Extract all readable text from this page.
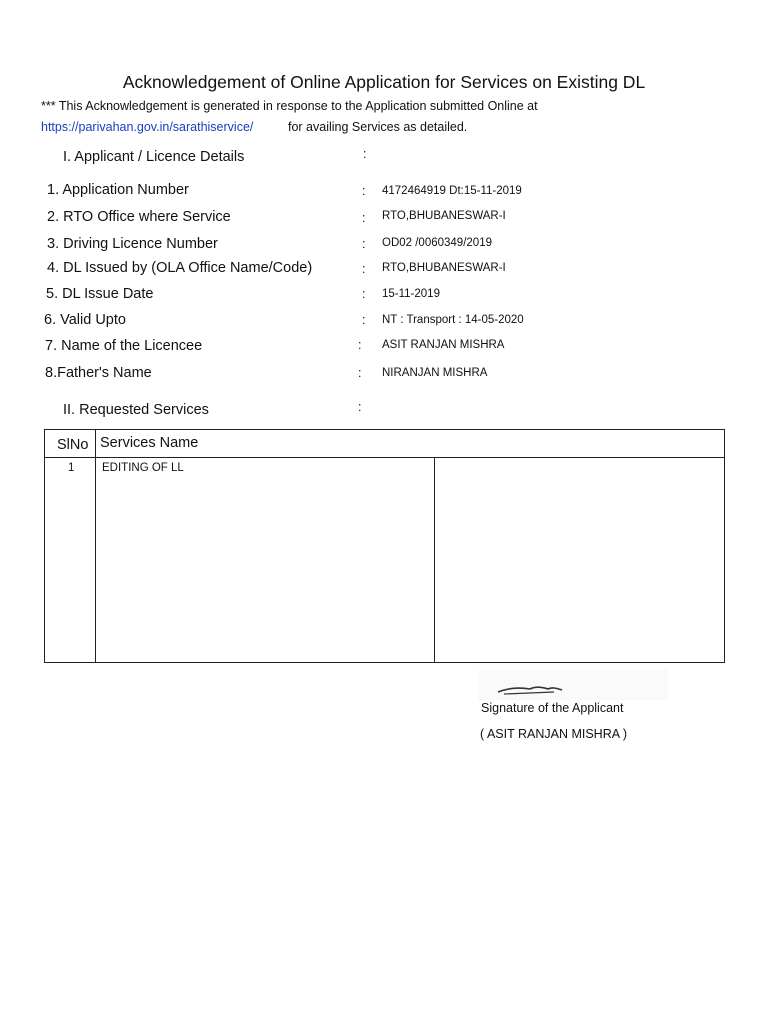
Acknowledgement of Online Application for Services on Existing DL
*** This Acknowledgement is generated in response to the Application submitted Online at
https://parivahan.gov.in/sarathiservice/	for availing Services as detailed.
I. Applicant / Licence Details	:
1. Application Number	: 4172464919 Dt:15-11-2019
2. RTO Office where Service	: RTO,BHUBANESWAR-I
3. Driving Licence Number	: OD02 /0060349/2019
4. DL Issued by (OLA Office Name/Code)	: RTO,BHUBANESWAR-I
5. DL Issue Date	: 15-11-2019
6. Valid Upto	: NT : Transport : 14-05-2020
7. Name of the Licencee	: ASIT RANJAN MISHRA
8.Father's Name	: NIRANJAN MISHRA
II. Requested Services	:
SlNo Services Name
1 EDITING OF LL
Signature of the Applicant
( ASIT RANJAN MISHRA )
